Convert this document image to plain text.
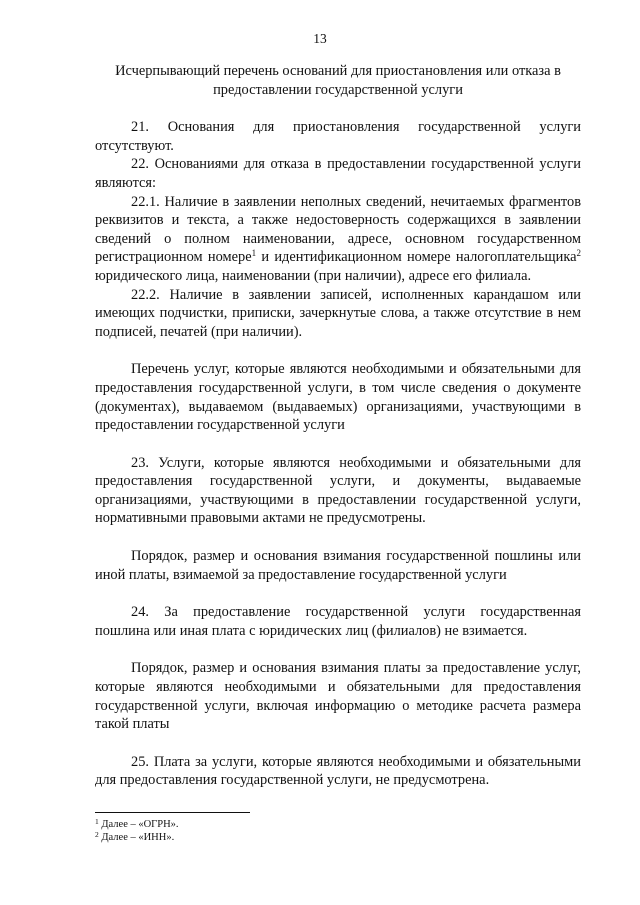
13

Исчерпывающий перечень оснований для приостановления или отказа в предоставлении государственной услуги

21. Основания для приостановления государственной услуги отсутствуют.

22. Основаниями для отказа в предоставлении государственной услуги являются:

22.1. Наличие в заявлении неполных сведений, нечитаемых фрагментов реквизитов и текста, а также недостоверность содержащихся в заявлении сведений о полном наименовании, адресе, основном государственном регистрационном номере$^1$ и идентификационном номере налогоплательщика$^2$ юридического лица, наименовании (при наличии), адресе его филиала.

22.2. Наличие в заявлении записей, исполненных карандашом или имеющих подчистки, приписки, зачеркнутые слова, а также отсутствие в нем подписей, печатей (при наличии).

Перечень услуг, которые являются необходимыми и обязательными для предоставления государственной услуги, в том числе сведения о документе (документах), выдаваемом (выдаваемых) организациями, участвующими в предоставлении государственной услуги

23. Услуги, которые являются необходимыми и обязательными для предоставления государственной услуги, и документы, выдаваемые организациями, участвующими в предоставлении государственной услуги, нормативными правовыми актами не предусмотрены.

Порядок, размер и основания взимания государственной пошлины или иной платы, взимаемой за предоставление государственной услуги

24. За предоставление государственной услуги государственная пошлина или иная плата с юридических лиц (филиалов) не взимается.

Порядок, размер и основания взимания платы за предоставление услуг, которые являются необходимыми и обязательными для предоставления государственной услуги, включая информацию о методике расчета размера такой платы

25. Плата за услуги, которые являются необходимыми и обязательными для предоставления государственной услуги, не предусмотрена.

$^1$ Далее – «ОГРН».
$^2$ Далее – «ИНН».
